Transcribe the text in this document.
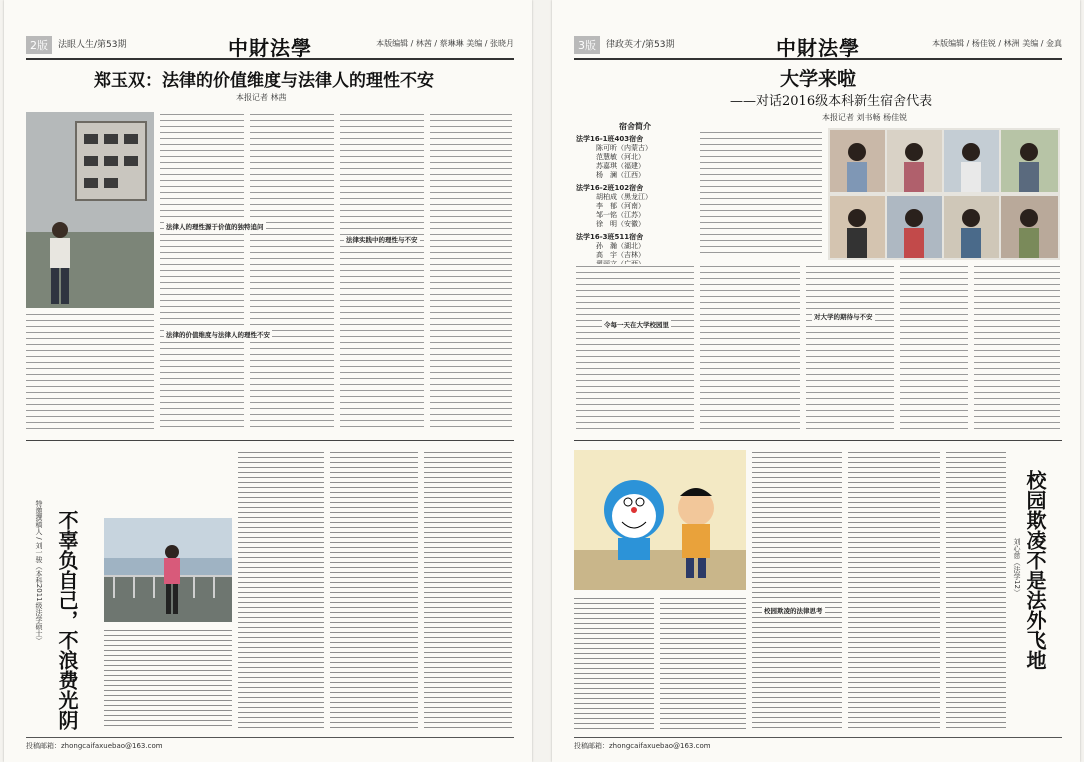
2版	法眼人生/第53期	中財法學	本版编辑 / 林茜 / 蔡琳琳 美编 / 张晓月
郑玉双：法律的价值维度与法律人的理性不安
本报记者 林茜
法律人的理性源于价值的独特追问
法律的价值维度与法律人的理性不安
法律实践中的理性与不安
不辜负自己，不浪费光阴
特邀撰稿人 / 刘一骏（本科2011级法学硕士）
投稿邮箱：zhongcaifaxuebao@163.com
3版	律政英才/第53期	中財法學	本版编辑 / 杨佳锐 / 林洲 美编 / 金真
大学来啦
——对话2016级本科新生宿舍代表
本报记者 刘书畅 杨佳锐
宿舍简介
法学16-1班403宿舍
陈可昕（内蒙古）
范慧敏（河北）
苏嘉琪（福建）
杨　澜（江西）
法学16-2班102宿舍
胡柏成（黑龙江）
李　郁（河南）
邹一铭（江苏）
徐　明（安徽）
法学16-3班511宿舍
孙　瀚（湖北）
高　宇（吉林）
令每一天在大学校园里
对大学的期待与不安
校园欺凌的法律思考	校园欺凌不是法外飞地
刘心慈（法学12）
投稿邮箱：zhongcaifaxuebao@163.com
